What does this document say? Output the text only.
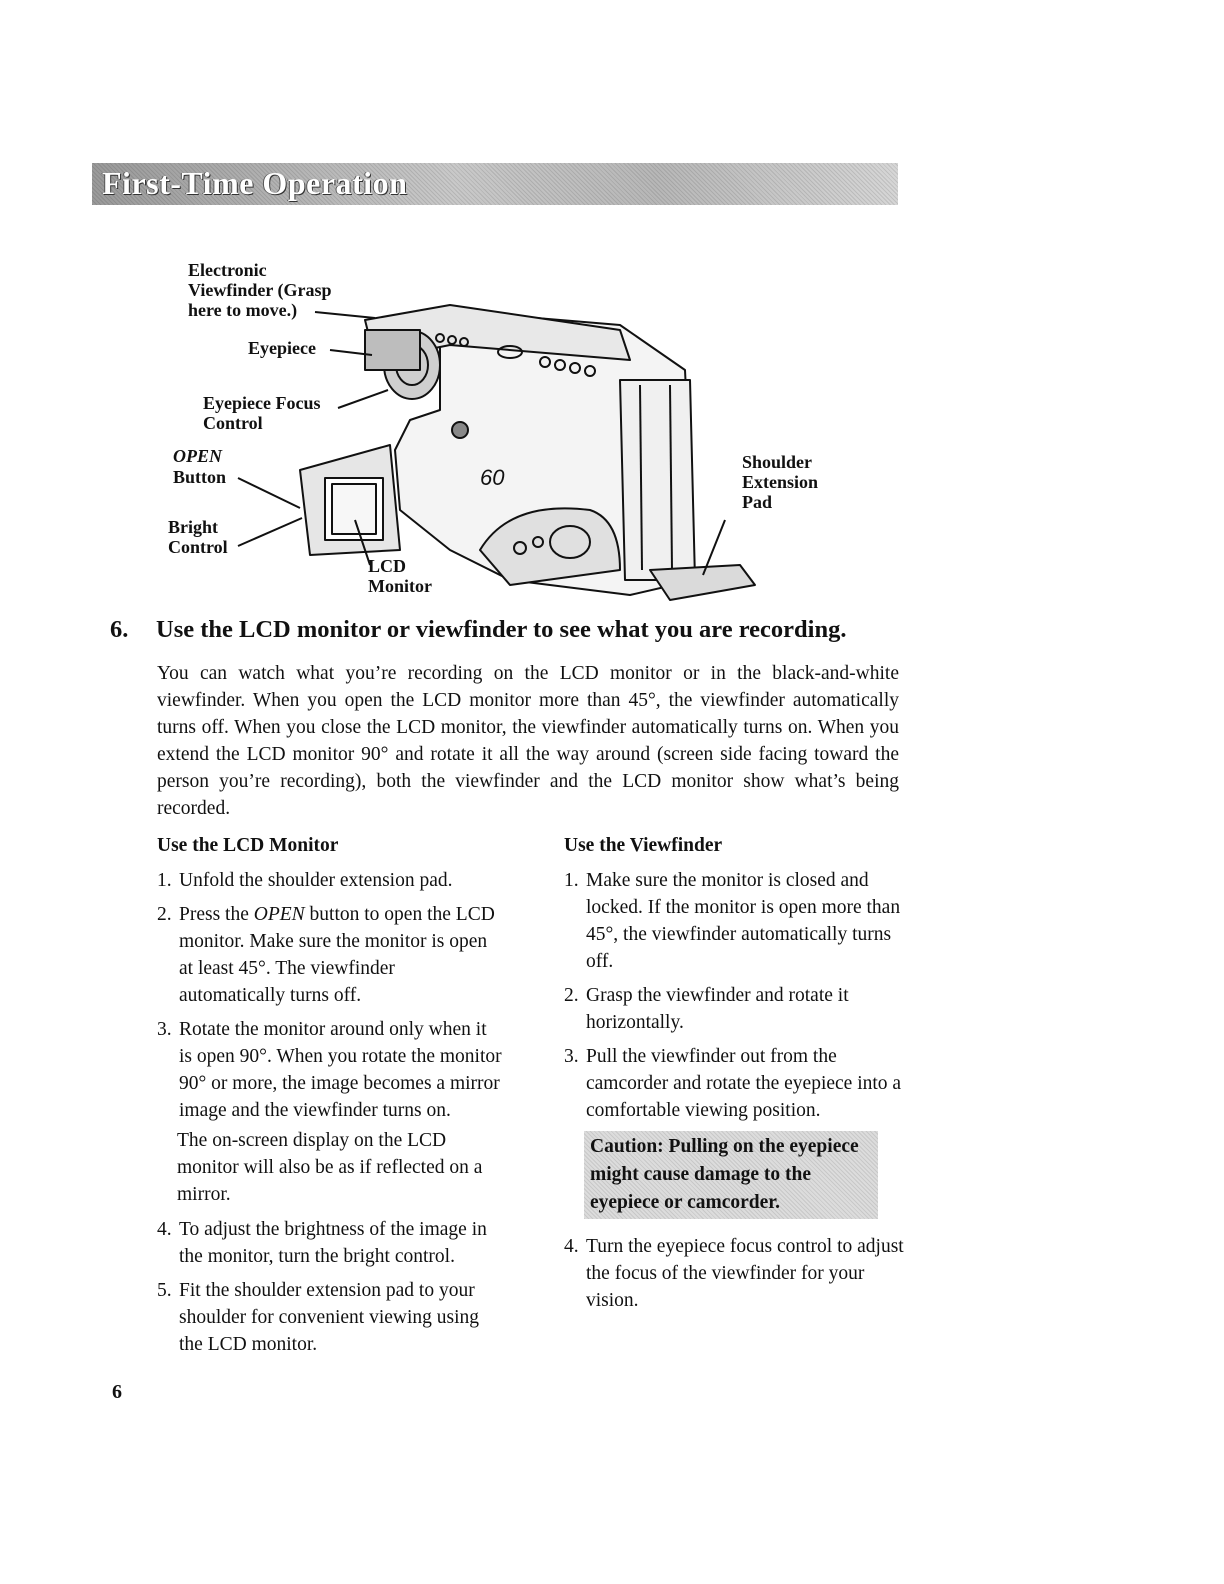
First-Time Operation
60
Electronic
Viewfinder (Grasp
here to move.)
Eyepiece
Eyepiece Focus
Control
OPEN
Button
Bright
Control
LCD
Monitor
Shoulder
Extension
Pad
6. Use the LCD monitor or viewfinder to see what you are recording.
You can watch what you’re recording on the LCD monitor or in the black-and-white viewfinder. When you open the LCD monitor more than 45°, the viewfinder automatically turns off. When you close the LCD monitor, the viewfinder automatically turns on. When you extend the LCD monitor 90° and rotate it all the way around (screen side facing toward the person you’re recording), both the viewfinder and the LCD monitor show what’s being recorded.
Use the LCD Monitor
1. Unfold the shoulder extension pad.
2. Press the OPEN button to open the LCD monitor. Make sure the monitor is open at least 45°. The viewfinder automatically turns off.
3. Rotate the monitor around only when it is open 90°. When you rotate the monitor 90° or more, the image becomes a mirror image and the viewfinder turns on.
The on-screen display on the LCD monitor will also be as if reflected on a mirror.
4. To adjust the brightness of the image in the monitor, turn the bright control.
5. Fit the shoulder extension pad to your shoulder for convenient viewing using the LCD monitor.
Use the Viewfinder
1. Make sure the monitor is closed and locked. If the monitor is open more than 45°, the viewfinder automatically turns off.
2. Grasp the viewfinder and rotate it horizontally.
3. Pull the viewfinder out from the camcorder and rotate the eyepiece into a comfortable viewing position.
Caution: Pulling on the eyepiece might cause damage to the eyepiece or camcorder.
4. Turn the eyepiece focus control to adjust the focus of the viewfinder for your vision.
6
